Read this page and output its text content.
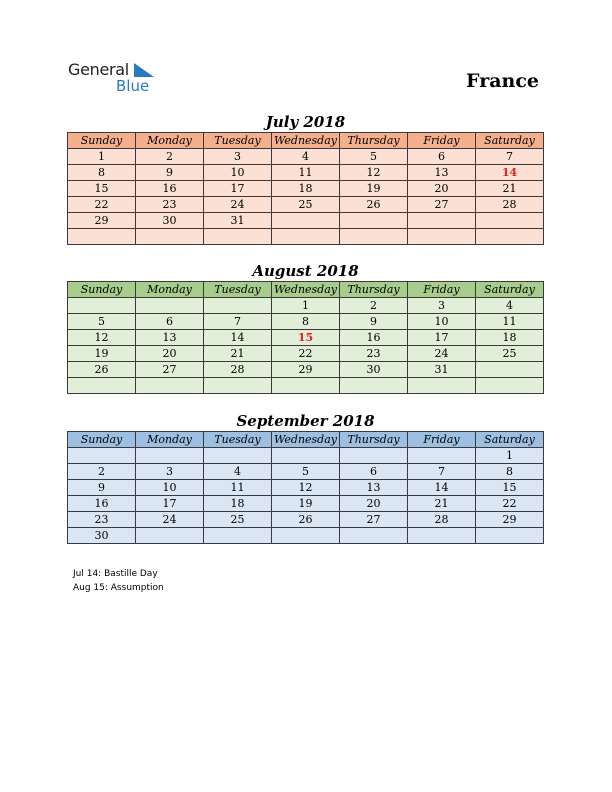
General
Blue	France
July 2018
Sunday	Monday	Tuesday	Wednesday	Thursday	Friday	Saturday
1	2	3	4	5	6	7
8	9	10	11	12	13	14
15	16	17	18	19	20	21
22	23	24	25	26	27	28
29	30	31				

August 2018
Sunday	Monday	Tuesday	Wednesday	Thursday	Friday	Saturday
			1	2	3	4
5	6	7	8	9	10	11
12	13	14	15	16	17	18
19	20	21	22	23	24	25
26	27	28	29	30	31	

September 2018
Sunday	Monday	Tuesday	Wednesday	Thursday	Friday	Saturday
						1
2	3	4	5	6	7	8
9	10	11	12	13	14	15
16	17	18	19	20	21	22
23	24	25	26	27	28	29
30						
Jul 14: Bastille Day
Aug 15: Assumption
